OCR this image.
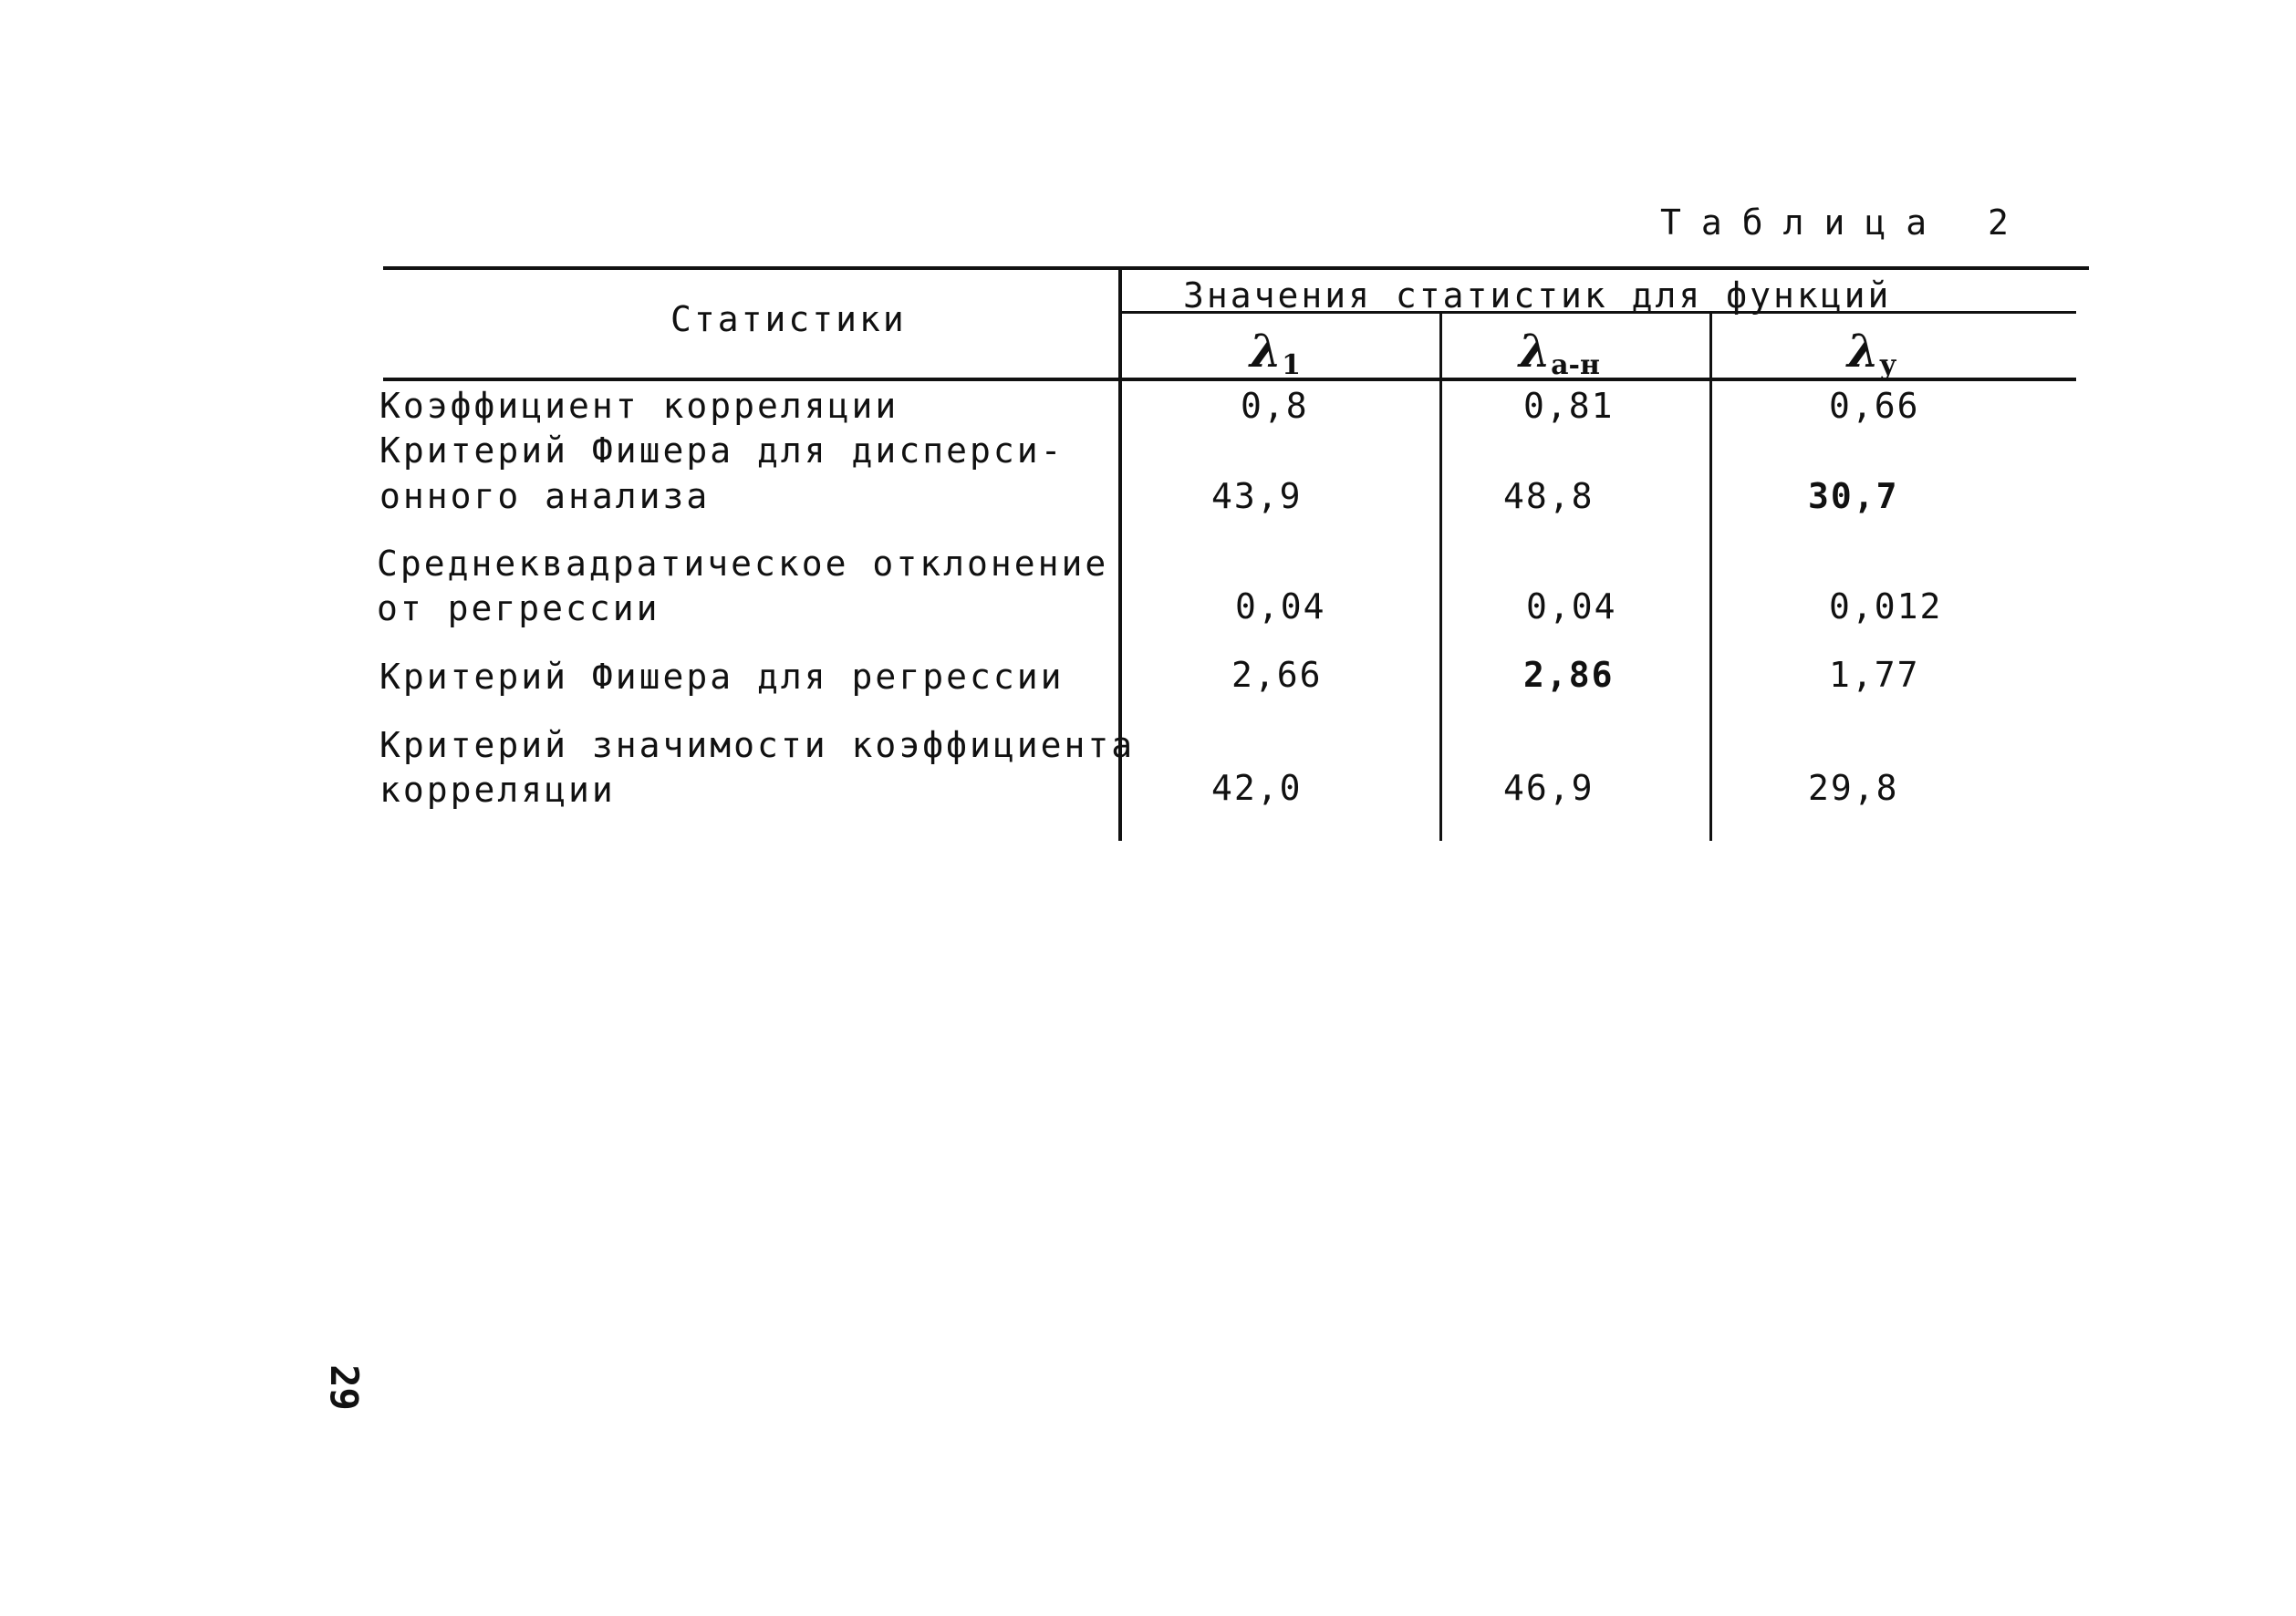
Таблица 2
Статистики
Значения статистик для функций
$\lambda_1$	$\lambda_{а-н}$	$\lambda_у$
Коэффициент корреляции	0,8	0,81	0,66
Критерий Фишера для дисперси-
онного анализа	43,9	48,8	30,7
Среднеквадратическое отклонение
от регрессии	0,04	0,04	0,012
Критерий Фишера для регрессии	2,66	2,86	1,77
Критерий значимости коэффициента
корреляции	42,0	46,9	29,8
29
